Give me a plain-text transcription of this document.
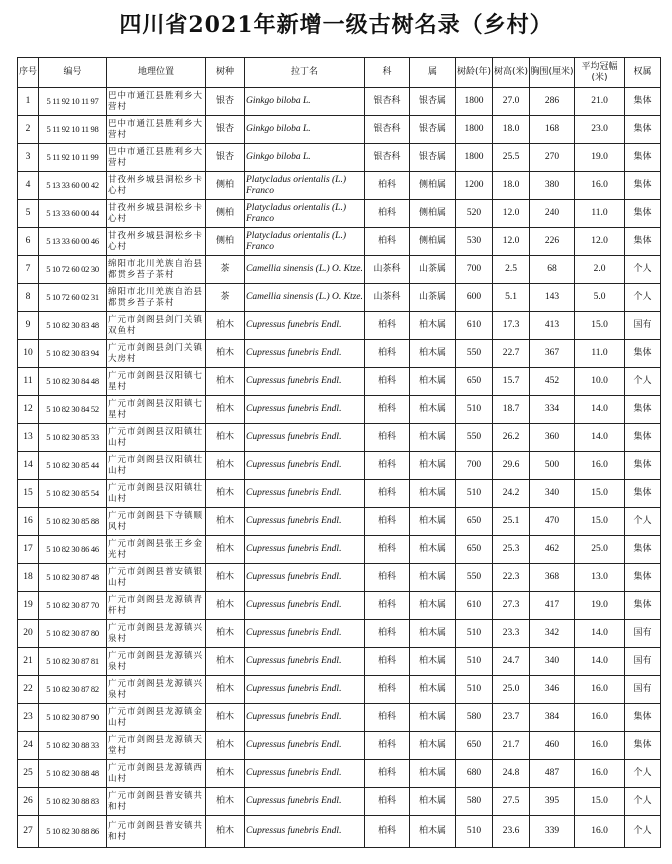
四川省2021年新增一级古树名录（乡村）
序号	编号	地理位置	树种	拉丁名	科	属	树龄(年)	树高(米)	胸围(厘米)	平均冠幅(米)	权属
1	5 11 92 10 11 97	巴中市通江县胜利乡大营村	银杏	Ginkgo biloba L.	银杏科	银杏属	1800	27.0	286	21.0	集体
2	5 11 92 10 11 98	巴中市通江县胜利乡大营村	银杏	Ginkgo biloba L.	银杏科	银杏属	1800	18.0	168	23.0	集体
3	5 11 92 10 11 99	巴中市通江县胜利乡大营村	银杏	Ginkgo biloba L.	银杏科	银杏属	1800	25.5	270	19.0	集体
4	5 13 33 60 00 42	甘孜州乡城县洞松乡卡心村	侧柏	Platycladus orientalis (L.) Franco	柏科	侧柏属	1200	18.0	380	16.0	集体
5	5 13 33 60 00 44	甘孜州乡城县洞松乡卡心村	侧柏	Platycladus orientalis (L.) Franco	柏科	侧柏属	520	12.0	240	11.0	集体
6	5 13 33 60 00 46	甘孜州乡城县洞松乡卡心村	侧柏	Platycladus orientalis (L.) Franco	柏科	侧柏属	530	12.0	226	12.0	集体
7	5 10 72 60 02 30	绵阳市北川羌族自治县都贯乡苔子茶村	茶	Camellia sinensis (L.) O. Ktze.	山茶科	山茶属	700	2.5	68	2.0	个人
8	5 10 72 60 02 31	绵阳市北川羌族自治县都贯乡苔子茶村	茶	Camellia sinensis (L.) O. Ktze.	山茶科	山茶属	600	5.1	143	5.0	个人
9	5 10 82 30 83 48	广元市剑阁县剑门关镇双鱼村	柏木	Cupressus funebris Endl.	柏科	柏木属	610	17.3	413	15.0	国有
10	5 10 82 30 83 94	广元市剑阁县剑门关镇大房村	柏木	Cupressus funebris Endl.	柏科	柏木属	550	22.7	367	11.0	集体
11	5 10 82 30 84 48	广元市剑阁县汉阳镇七星村	柏木	Cupressus funebris Endl.	柏科	柏木属	650	15.7	452	10.0	个人
12	5 10 82 30 84 52	广元市剑阁县汉阳镇七星村	柏木	Cupressus funebris Endl.	柏科	柏木属	510	18.7	334	14.0	集体
13	5 10 82 30 85 33	广元市剑阁县汉阳镇壮山村	柏木	Cupressus funebris Endl.	柏科	柏木属	550	26.2	360	14.0	集体
14	5 10 82 30 85 44	广元市剑阁县汉阳镇壮山村	柏木	Cupressus funebris Endl.	柏科	柏木属	700	29.6	500	16.0	集体
15	5 10 82 30 85 54	广元市剑阁县汉阳镇壮山村	柏木	Cupressus funebris Endl.	柏科	柏木属	510	24.2	340	15.0	集体
16	5 10 82 30 85 88	广元市剑阁县下寺镇顺风村	柏木	Cupressus funebris Endl.	柏科	柏木属	650	25.1	470	15.0	个人
17	5 10 82 30 86 46	广元市剑阁县张王乡金光村	柏木	Cupressus funebris Endl.	柏科	柏木属	650	25.3	462	25.0	集体
18	5 10 82 30 87 48	广元市剑阁县普安镇银山村	柏木	Cupressus funebris Endl.	柏科	柏木属	550	22.3	368	13.0	集体
19	5 10 82 30 87 70	广元市剑阁县龙源镇青杆村	柏木	Cupressus funebris Endl.	柏科	柏木属	610	27.3	417	19.0	集体
20	5 10 82 30 87 80	广元市剑阁县龙源镇兴泉村	柏木	Cupressus funebris Endl.	柏科	柏木属	510	23.3	342	14.0	国有
21	5 10 82 30 87 81	广元市剑阁县龙源镇兴泉村	柏木	Cupressus funebris Endl.	柏科	柏木属	510	24.7	340	14.0	国有
22	5 10 82 30 87 82	广元市剑阁县龙源镇兴泉村	柏木	Cupressus funebris Endl.	柏科	柏木属	510	25.0	346	16.0	国有
23	5 10 82 30 87 90	广元市剑阁县龙源镇金山村	柏木	Cupressus funebris Endl.	柏科	柏木属	580	23.7	384	16.0	集体
24	5 10 82 30 88 33	广元市剑阁县龙源镇天堂村	柏木	Cupressus funebris Endl.	柏科	柏木属	650	21.7	460	16.0	集体
25	5 10 82 30 88 48	广元市剑阁县龙源镇西山村	柏木	Cupressus funebris Endl.	柏科	柏木属	680	24.8	487	16.0	个人
26	5 10 82 30 88 83	广元市剑阁县普安镇共和村	柏木	Cupressus funebris Endl.	柏科	柏木属	580	27.5	395	15.0	个人
27	5 10 82 30 88 86	广元市剑阁县普安镇共和村	柏木	Cupressus funebris Endl.	柏科	柏木属	510	23.6	339	16.0	个人
